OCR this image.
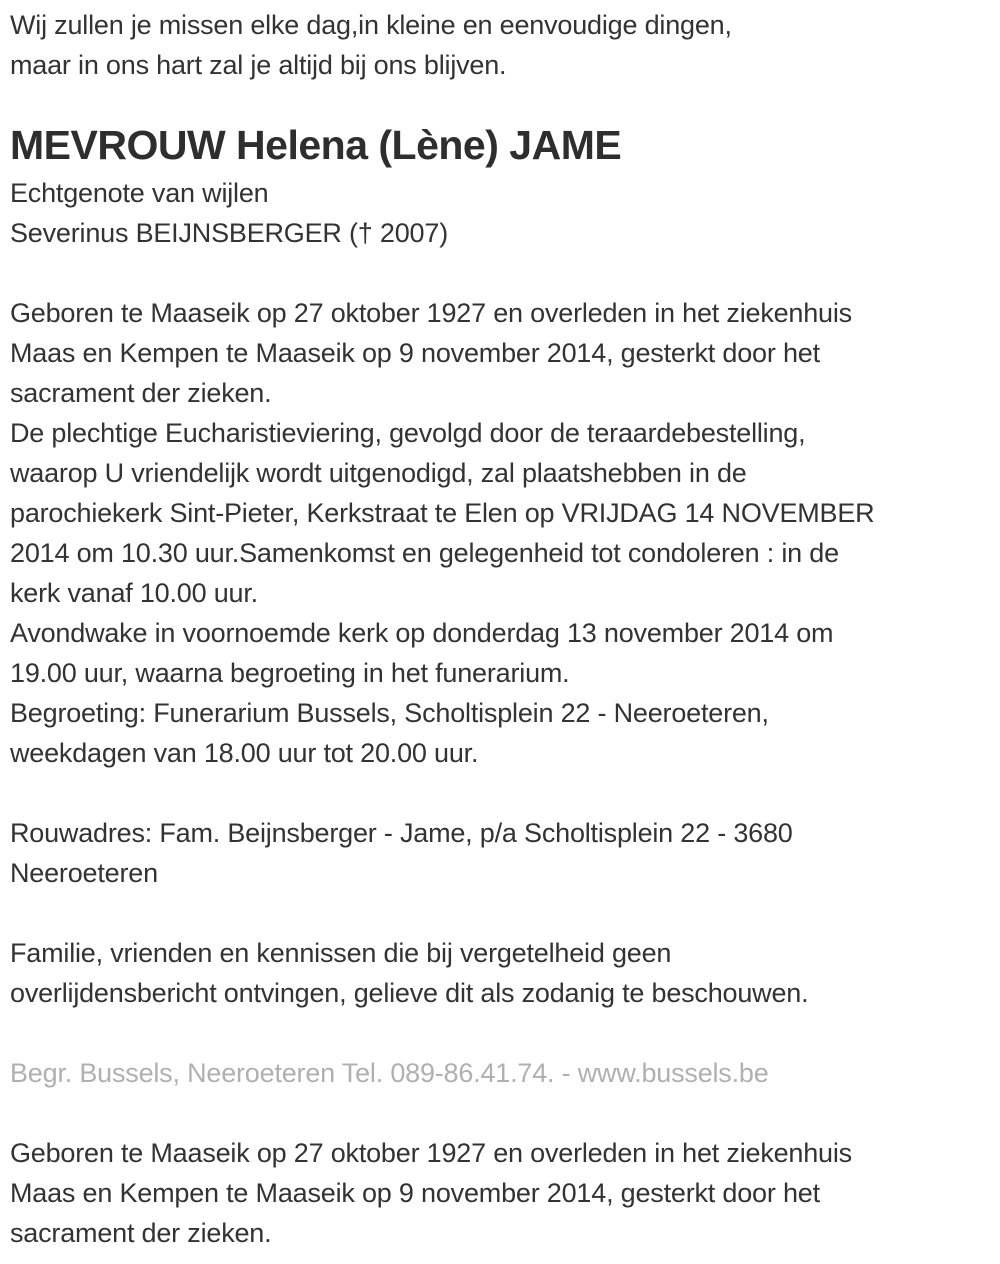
Wij zullen je missen elke dag,in kleine en eenvoudige dingen,
maar in ons hart zal je altijd bij ons blijven.
MEVROUW Helena (Lène) JAME
Echtgenote van wijlen
Severinus BEIJNSBERGER († 2007)
Geboren te Maaseik op 27 oktober 1927 en overleden in het ziekenhuis
Maas en Kempen te Maaseik op 9 november 2014, gesterkt door het
sacrament der zieken.
De plechtige Eucharistieviering, gevolgd door de teraardebestelling,
waarop U vriendelijk wordt uitgenodigd, zal plaatshebben in de
parochiekerk Sint-Pieter, Kerkstraat te Elen op VRIJDAG 14 NOVEMBER
2014 om 10.30 uur.Samenkomst en gelegenheid tot condoleren : in de
kerk vanaf 10.00 uur.
Avondwake in voornoemde kerk op donderdag 13 november 2014 om
19.00 uur, waarna begroeting in het funerarium.
Begroeting: Funerarium Bussels, Scholtisplein 22 - Neeroeteren,
weekdagen van 18.00 uur tot 20.00 uur.
Rouwadres: Fam. Beijnsberger - Jame, p/a Scholtisplein 22 - 3680
Neeroeteren
Familie, vrienden en kennissen die bij vergetelheid geen
overlijdensbericht ontvingen, gelieve dit als zodanig te beschouwen.
Begr. Bussels, Neeroeteren Tel. 089-86.41.74. - www.bussels.be
Geboren te Maaseik op 27 oktober 1927 en overleden in het ziekenhuis
Maas en Kempen te Maaseik op 9 november 2014, gesterkt door het
sacrament der zieken.
